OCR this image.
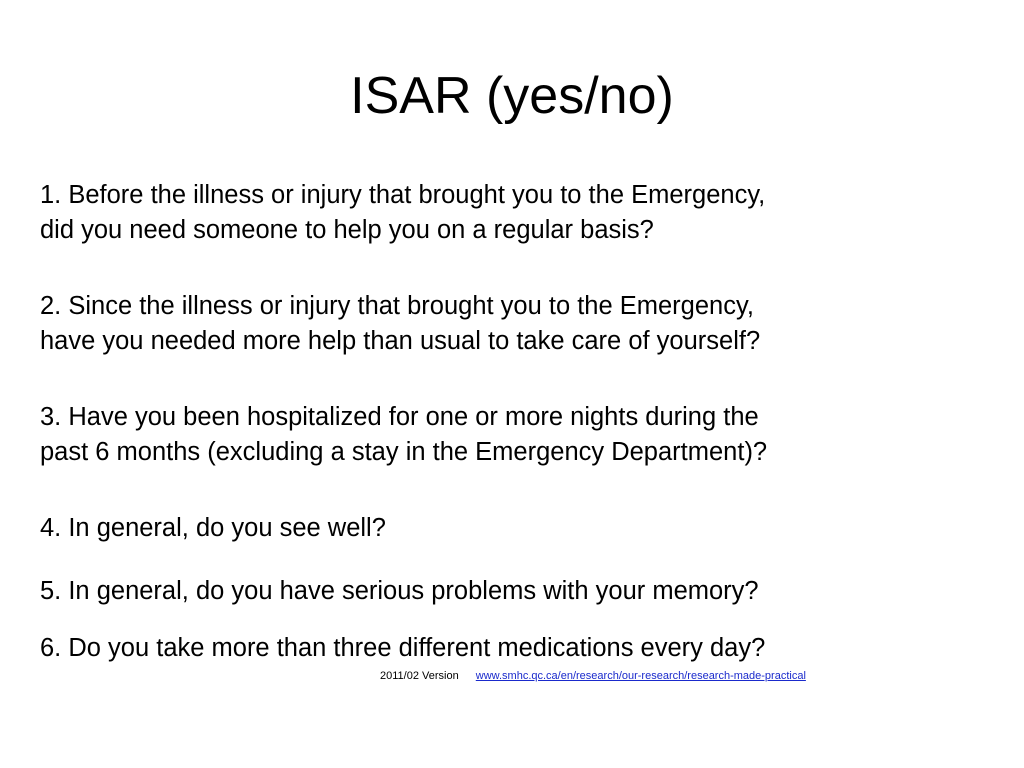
ISAR (yes/no)
1. Before the illness or injury that brought you to the Emergency,
did you need someone to help you on a regular basis?
2. Since the illness or injury that brought you to the Emergency,
have you needed more help than usual to take care of yourself?
3. Have you been hospitalized for one or more nights during the
past 6 months (excluding a stay in the Emergency Department)?
4. In general, do you see well?
5. In general, do you have serious problems with your memory?
6. Do you take more than three different medications every day?
2011/02 Version www.smhc.qc.ca/en/research/our-research/research-made-practical
